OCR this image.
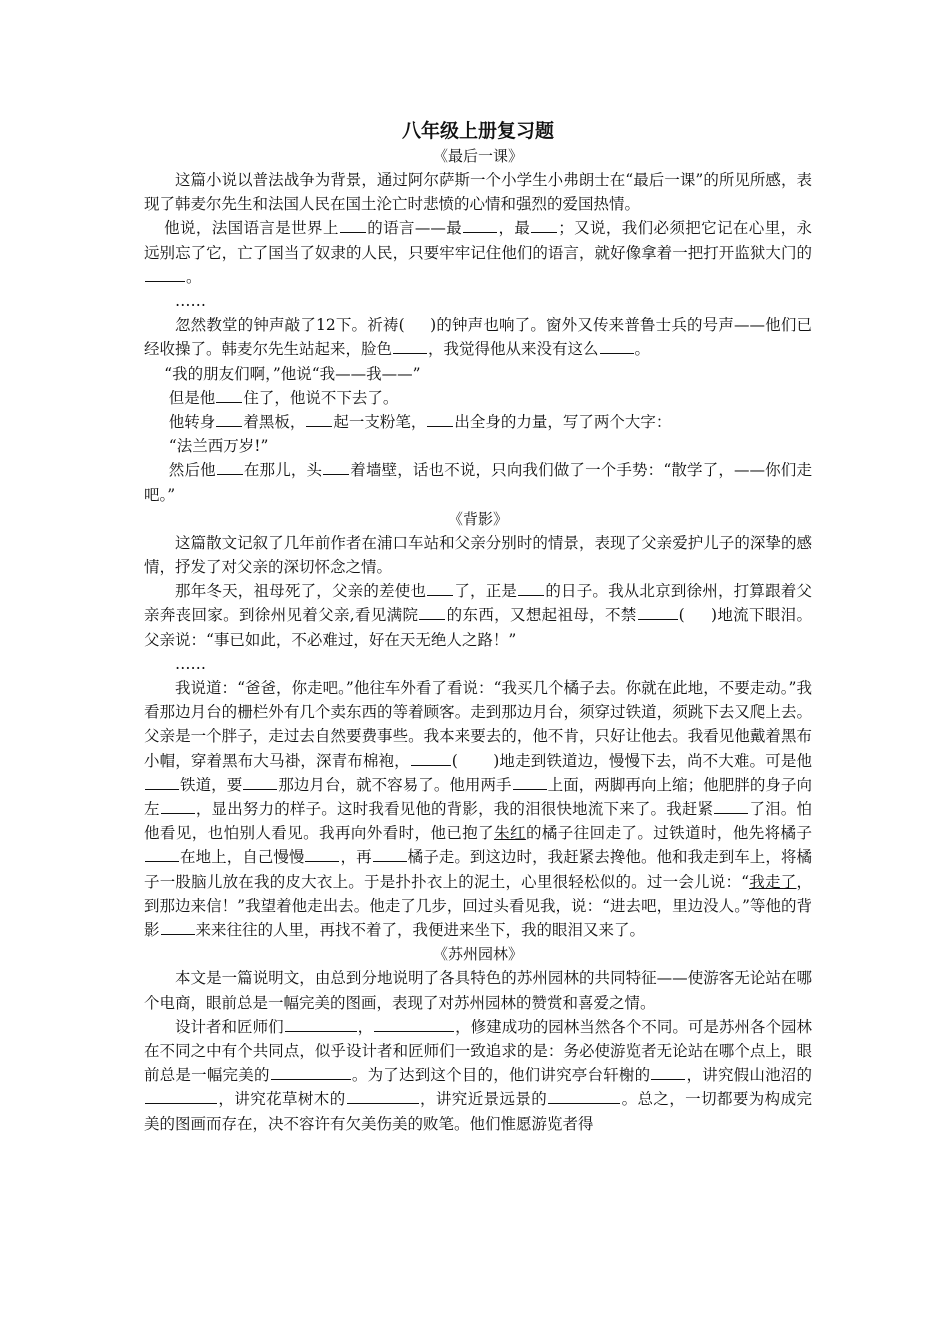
八年级上册复习题
《最后一课》

这篇小说以普法战争为背景，通过阿尔萨斯一个小学生小弗朗士在“最后一课”的所见所感，表现了韩麦尔先生和法国人民在国土沦亡时悲愤的心情和强烈的爱国热情。

他说，法国语言是世界上 的语言——最 ，最 ；又说，我们必须把它记在心里，永远别忘了它，亡了国当了奴隶的人民，只要牢牢记住他们的语言，就好像拿着一把打开监狱大门的。

……

忽然教堂的钟声敲了12下。祈祷( )的钟声也响了。窗外又传来普鲁士兵的号声——他们已经收操了。韩麦尔先生站起来，脸色 ，我觉得他从来没有这么 。

“我的朋友们啊，”他说“我——我——”

但是他 住了，他说不下去了。

他转身 着黑板， 起一支粉笔， 出全身的力量，写了两个大字：

“法兰西万岁!”

然后他 在那儿，头 着墙壁，话也不说，只向我们做了一个手势：“散学了，——你们走吧。”

《背影》

这篇散文记叙了几年前作者在浦口车站和父亲分别时的情景，表现了父亲爱护儿子的深挚的感情，抒发了对父亲的深切怀念之情。

那年冬天，祖母死了，父亲的差使也 了，正是 的日子。我从北京到徐州，打算跟着父亲奔丧回家。到徐州见着父亲,看见满院 的东西，又想起祖母，不禁	( )地流下眼泪。父亲说：“事已如此，不必难过，好在天无绝人之路！”

……

我说道：“爸爸，你走吧。”他往车外看了看说：“我买几个橘子去。你就在此地，不要走动。”我看那边月台的栅栏外有几个卖东西的等着顾客。走到那边月台，须穿过铁道，须跳下去又爬上去。父亲是一个胖子，走过去自然要费事些。我本来要去的，他不肯，只好让他去。我看见他戴着黑布小帽，穿着黑布大马褂，深青布棉袍，	( )地走到铁道边，慢慢下去，尚不大难。可是他铁道，要 那边月台，就不容易了。他用两手 上面，两脚再向上缩；他肥胖的身子向左 ，显出努力的样子。这时我看见他的背影，我的泪很快地流下来了。我赶紧 了泪。怕他看见，也怕别人看见。我再向外看时，他已抱了朱红的橘子往回走了。过铁道时，他先将橘子在地上，自己慢慢 ，再 橘子走。到这边时，我赶紧去搀他。他和我走到车上，将橘子一股脑儿放在我的皮大衣上。于是扑扑衣上的泥土，心里很轻松似的。过一会儿说：“我走了，到那边来信！”我望着他走出去。他走了几步，回过头看见我，说：“进去吧，里边没人。”等他的背影 来来往往的人里，再找不着了，我便进来坐下，我的眼泪又来了。

《苏州园林》

本文是一篇说明文，由总到分地说明了各具特色的苏州园林的共同特征——使游客无论站在哪个电商，眼前总是一幅完美的图画，表现了对苏州园林的赞赏和喜爱之情。

设计者和匠师们	，	，修建成功的园林当然各个不同。可是苏州各个园林在不同之中有个共同点，似乎设计者和匠师们一致追求的是：务必使游览者无论站在哪个点上，眼前总是一幅完美的	。为了达到这个目的，他们讲究亭台轩榭的 ，讲究假山池沼的，讲究花草树木的	，讲究近景远景的	。总之，一切都要为构成完美的图画而存在，决不容许有欠美伤美的败笔。他们惟愿游览者得
